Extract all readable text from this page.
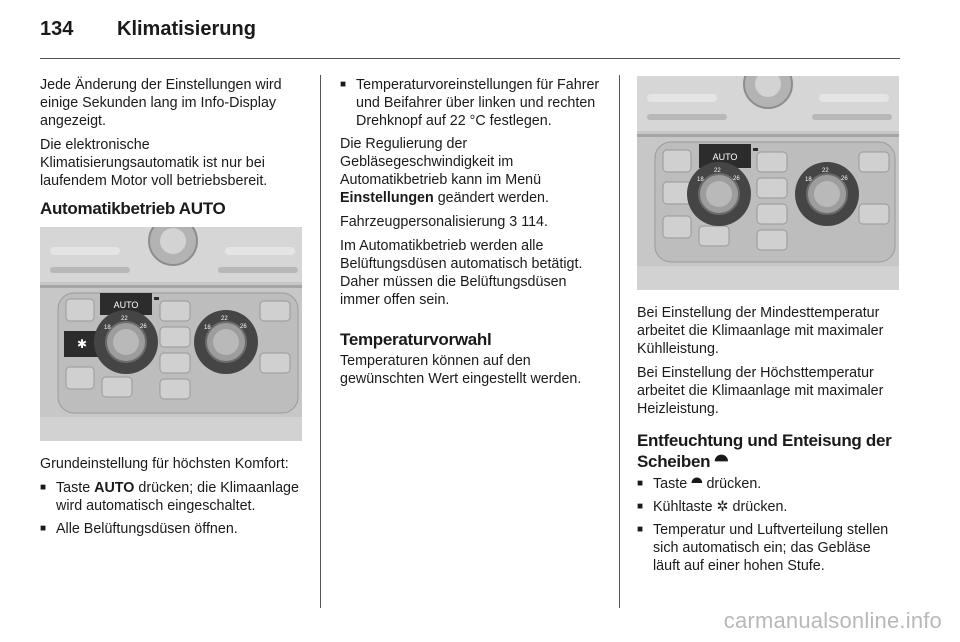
134 Klimatisierung

Jede Änderung der Einstellungen wird einige Sekunden lang im Info-Display angezeigt.

Die elektronische Klimatisierungsautomatik ist nur bei laufendem Motor voll betriebsbereit.

Automatikbetrieb AUTO
AUTO
✱
18
22
26	18
22
26

Grundeinstellung für höchsten Komfort:

■ Taste AUTO drücken; die Klimaanlage wird automatisch eingeschaltet.
■ Alle Belüftungsdüsen öffnen.
■ Temperaturvoreinstellungen für Fahrer und Beifahrer über linken und rechten Drehknopf auf 22 °C festlegen.

Die Regulierung der Gebläsegeschwindigkeit im Automatikbetrieb kann im Menü Einstellungen geändert werden.

Fahrzeugpersonalisierung 3 114.

Im Automatikbetrieb werden alle Belüftungsdüsen automatisch betätigt. Daher müssen die Belüftungsdüsen immer offen sein.

Temperaturvorwahl

Temperaturen können auf den gewünschten Wert eingestellt werden.

AUTO
18
22
26	18
22
26

Bei Einstellung der Mindesttemperatur arbeitet die Klimaanlage mit maximaler Kühlleistung.

Bei Einstellung der Höchsttemperatur arbeitet die Klimaanlage mit maximaler Heizleistung.

Entfeuchtung und Enteisung der Scheiben ⯊
■ Taste ⯊ drücken.
■ Kühltaste ✲ drücken.
■ Temperatur und Luftverteilung stellen sich automatisch ein; das Gebläse läuft auf einer hohen Stufe.
carmanualsonline.info
